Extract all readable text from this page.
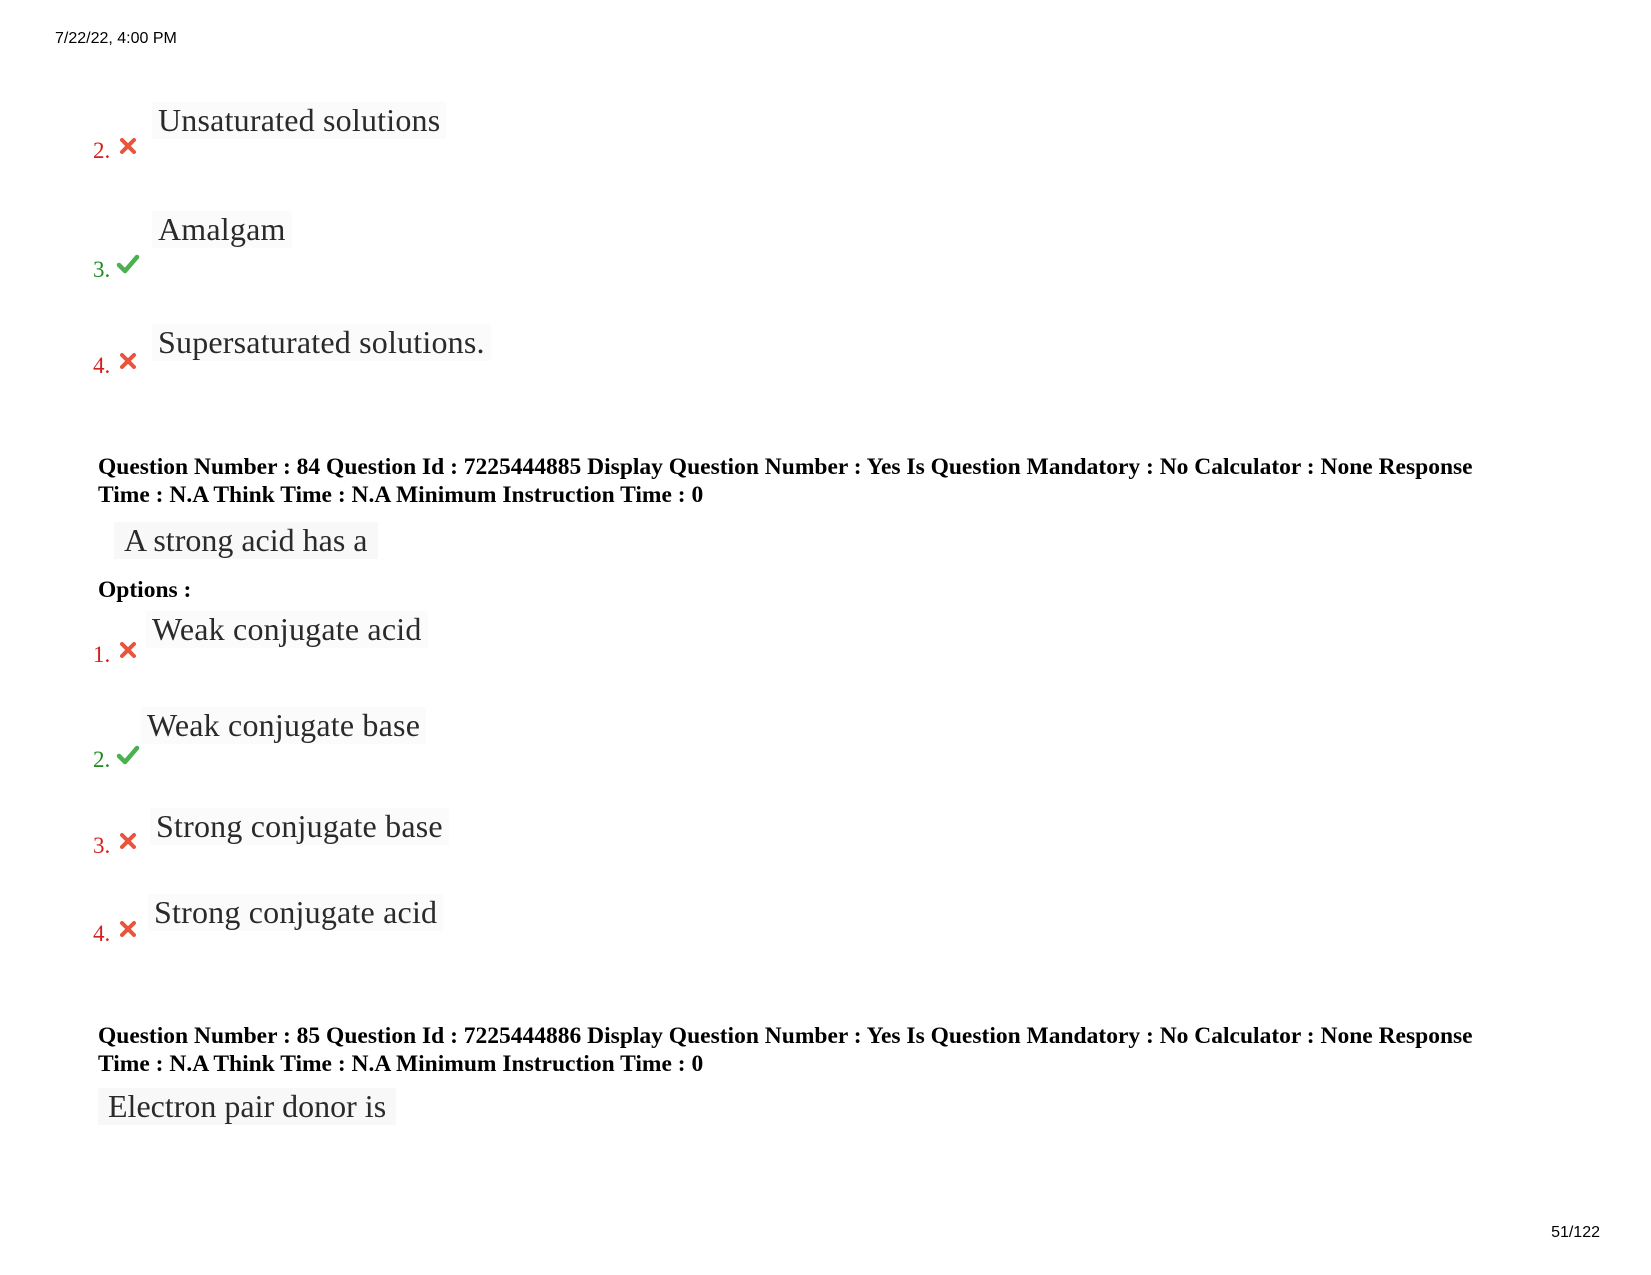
7/22/22, 4:00 PM
51/122
2.
Unsaturated solutions
3.
Amalgam
4.
Supersaturated solutions.
Question Number : 84 Question Id : 7225444885 Display Question Number : Yes Is Question Mandatory : No Calculator : None Response
Time : N.A Think Time : N.A Minimum Instruction Time : 0
A strong acid has a
Options :
1.
Weak conjugate acid
2.
Weak conjugate base
3.
Strong conjugate base
4.
Strong conjugate acid
Question Number : 85 Question Id : 7225444886 Display Question Number : Yes Is Question Mandatory : No Calculator : None Response
Time : N.A Think Time : N.A Minimum Instruction Time : 0
Electron pair donor is
